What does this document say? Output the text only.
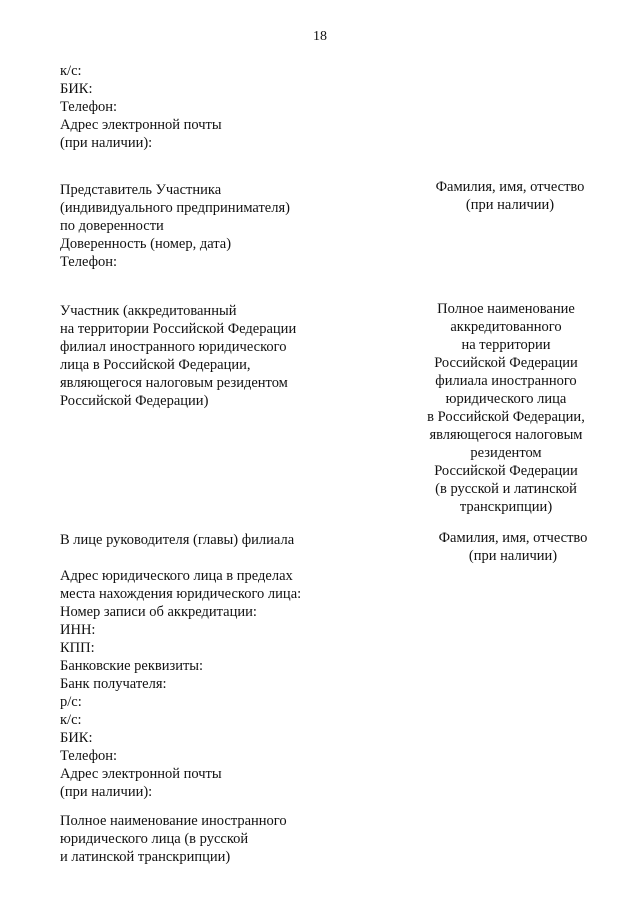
18
к/с:
БИК:
Телефон:
Адрес электронной почты
(при наличии):
Представитель Участника
(индивидуального предпринимателя)
по доверенности
Доверенность (номер, дата)
Телефон:
Фамилия, имя, отчество
(при наличии)
Участник (аккредитованный
на территории Российской Федерации
филиал иностранного юридического
лица в Российской Федерации,
являющегося налоговым резидентом
Российской Федерации)
Полное наименование
аккредитованного
на территории
Российской Федерации
филиала иностранного
юридического лица
в Российской Федерации,
являющегося налоговым
резидентом
Российской Федерации
(в русской и латинской
транскрипции)
В лице руководителя (главы) филиала	Фамилия, имя, отчество
(при наличии)
Адрес юридического лица в пределах
места нахождения юридического лица:
Номер записи об аккредитации:
ИНН:
КПП:
Банковские реквизиты:
Банк получателя:
р/с:
к/с:
БИК:
Телефон:
Адрес электронной почты
(при наличии):
Полное наименование иностранного
юридического лица (в русской
и латинской транскрипции)
